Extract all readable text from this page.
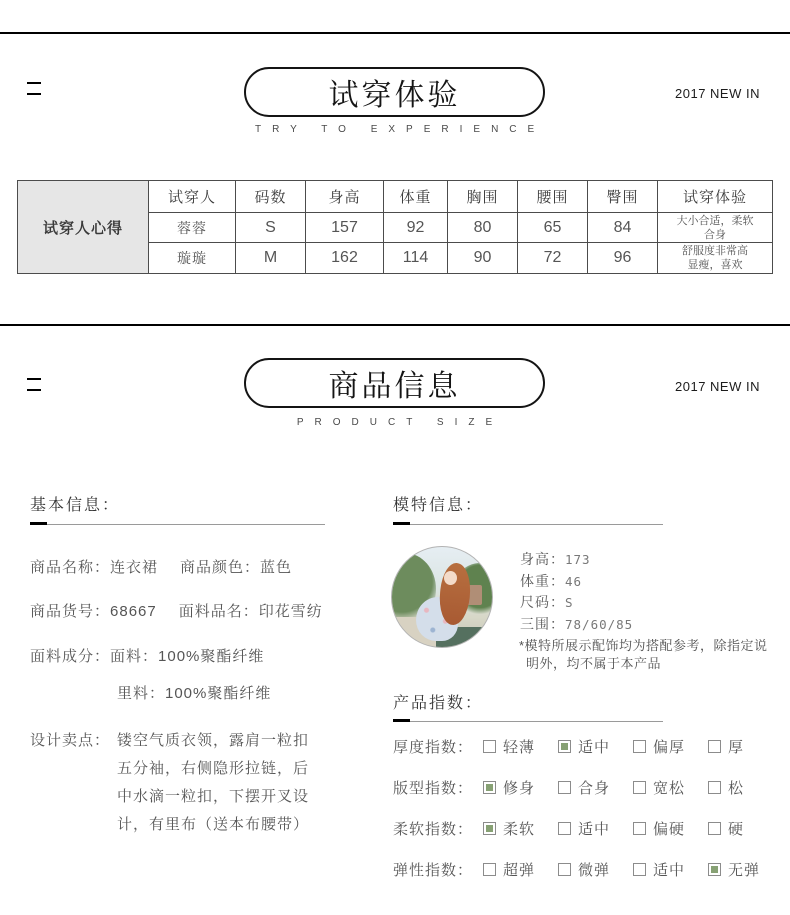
试穿体验	2017 NEW IN
TRY TO EXPERIENCE
试穿人心得	试穿人	码数	身高	体重	胸围	腰围	臀围	试穿体验
	蓉蓉	S	157	92	80	65	84	大小合适，柔软
合身

	璇璇	M	162	114	90	72	96	舒服度非常高
显瘦，喜欢
商品信息	2017 NEW IN
PRODUCT SIZE
基本信息：
商品名称：连衣裙 商品颜色：蓝色
商品货号：68667 面料品名：印花雪纺
面料成分：面料：100%聚酯纤维
里料：100%聚酯纤维
设计卖点： 镂空气质衣领，露肩一粒扣
五分袖，右侧隐形拉链，后
中水滴一粒扣，下摆开叉设
计，有里布（送本布腰带）
模特信息：
身高：173
体重：46
尺码：S
三围：78/60/85
*模特所展示配饰均为搭配参考，除指定说
明外，均不属于本产品
产品指数：
厚度指数：	轻薄	适中	偏厚	厚
版型指数：	修身	合身	宽松	松
柔软指数：	柔软	适中	偏硬	硬
弹性指数：	超弹	微弹	适中	无弹
